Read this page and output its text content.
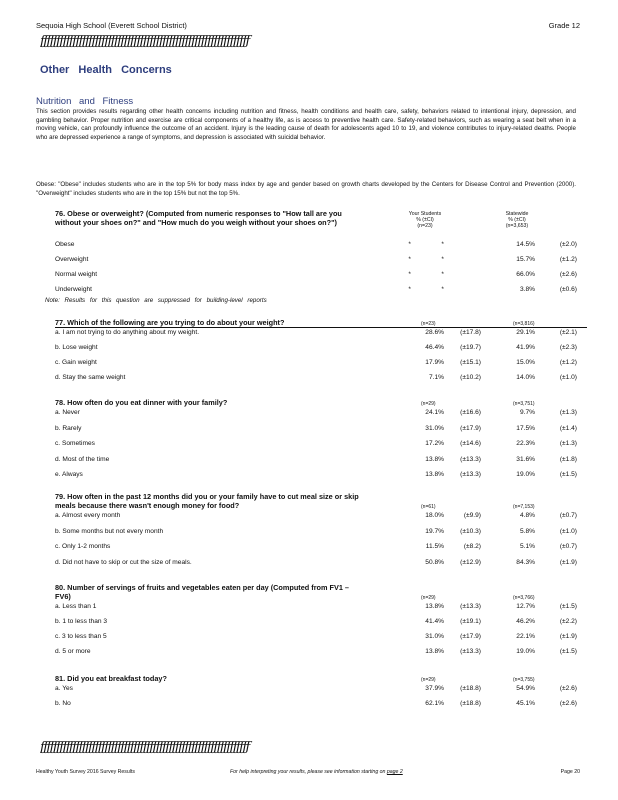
Sequoia High School (Everett School District)	Grade 12
ƒƒƒƒƒƒƒƒƒƒƒƒƒƒƒƒƒƒƒƒƒƒƒƒƒƒƒƒƒƒƒƒƒƒƒƒƒƒƒƒƒƒƒƒƒƒƒƒƒƒƒƒƒƒƒƒƒƒƒƒƒƒƒƒƒ
Other Health Concerns
Nutrition and Fitness
This section provides results regarding other health concerns including nutrition and fitness, health conditions and health care, safety, behaviors related to intentional injury, depression, and gambling behavior. Proper nutrition and exercise are critical components of a healthy life, as is access to preventive health care. Safety-related behaviors, such as wearing a seat belt when in a moving vehicle, can profoundly influence the outcome of an accident. Injury is the leading cause of death for adolescents aged 10 to 19, and violence contributes to injury-related deaths. People who are depressed experience a range of symptoms, and depression is associated with suicidal behavior.
Obese: "Obese" includes students who are in the top 5% for body mass index by age and gender based on growth charts developed by the Centers for Disease Control and Prevention (2000). "Overweight" includes students who are in the top 15% but not the top 5%.
76. Obese or overweight? (Computed from numeric responses to "How tall are you without your shoes on?" and "How much do you weigh without your shoes on?")
Your Students
% (±CI)
(n=23)
Statewide
% (±CI)
(n=3,653)
Obese	*	*	14.5%	(±2.0)
Overweight	*	*	15.7%	(±1.2)
Normal weight	*	*	66.0%	(±2.6)
Underweight	*	*	3.8%	(±0.6)
Note: Results for this question are suppressed for building-level reports
77. Which of the following are you trying to do about your weight?	(n=23)	(n=3,816)
a. I am not trying to do anything about my weight.	28.6% (±17.8)	29.1%	(±2.1)
b. Lose weight	46.4% (±19.7)	41.9%	(±2.3)
c. Gain weight	17.9% (±15.1)	15.0%	(±1.2)
d. Stay the same weight	7.1% (±10.2)	14.0%	(±1.0)
78. How often do you eat dinner with your family?	(n=29)	(n=3,751)
a. Never	24.1% (±16.6)	9.7%	(±1.3)
b. Rarely	31.0% (±17.9)	17.5%	(±1.4)
c. Sometimes	17.2% (±14.6)	22.3%	(±1.3)
d. Most of the time	13.8% (±13.3)	31.6%	(±1.8)
e. Always	13.8% (±13.3)	19.0%	(±1.5)
79. How often in the past 12 months did you or your family have to cut meal size or skip meals because there wasn't enough money for food?	(n=61)	(n=7,153)
a. Almost every month	18.0%	(±9.9)	4.8%	(±0.7)
b. Some months but not every month	19.7% (±10.3)	5.8%	(±1.0)
c. Only 1-2 months	11.5%	(±8.2)	5.1%	(±0.7)
d. Did not have to skip or cut the size of meals.	50.8% (±12.9)	84.3%	(±1.9)
80. Number of servings of fruits and vegetables eaten per day (Computed from FV1 – FV6)	(n=29)	(n=3,766)
a. Less than 1	13.8% (±13.3)	12.7%	(±1.5)
b. 1 to less than 3	41.4% (±19.1)	46.2%	(±2.2)
c. 3 to less than 5	31.0% (±17.9)	22.1%	(±1.9)
d. 5 or more	13.8% (±13.3)	19.0%	(±1.5)
81. Did you eat breakfast today?	(n=29)	(n=3,755)
a. Yes	37.9% (±18.8)	54.9%	(±2.6)
b. No	62.1% (±18.8)	45.1%	(±2.6)
ƒƒƒƒƒƒƒƒƒƒƒƒƒƒƒƒƒƒƒƒƒƒƒƒƒƒƒƒƒƒƒƒƒƒƒƒƒƒƒƒƒƒƒƒƒƒƒƒƒƒƒƒƒƒƒƒƒƒƒƒƒƒƒƒƒ
Healthy Youth Survey 2016 Survey Results	For help interpreting your results, please see information starting on page 2	Page 20
